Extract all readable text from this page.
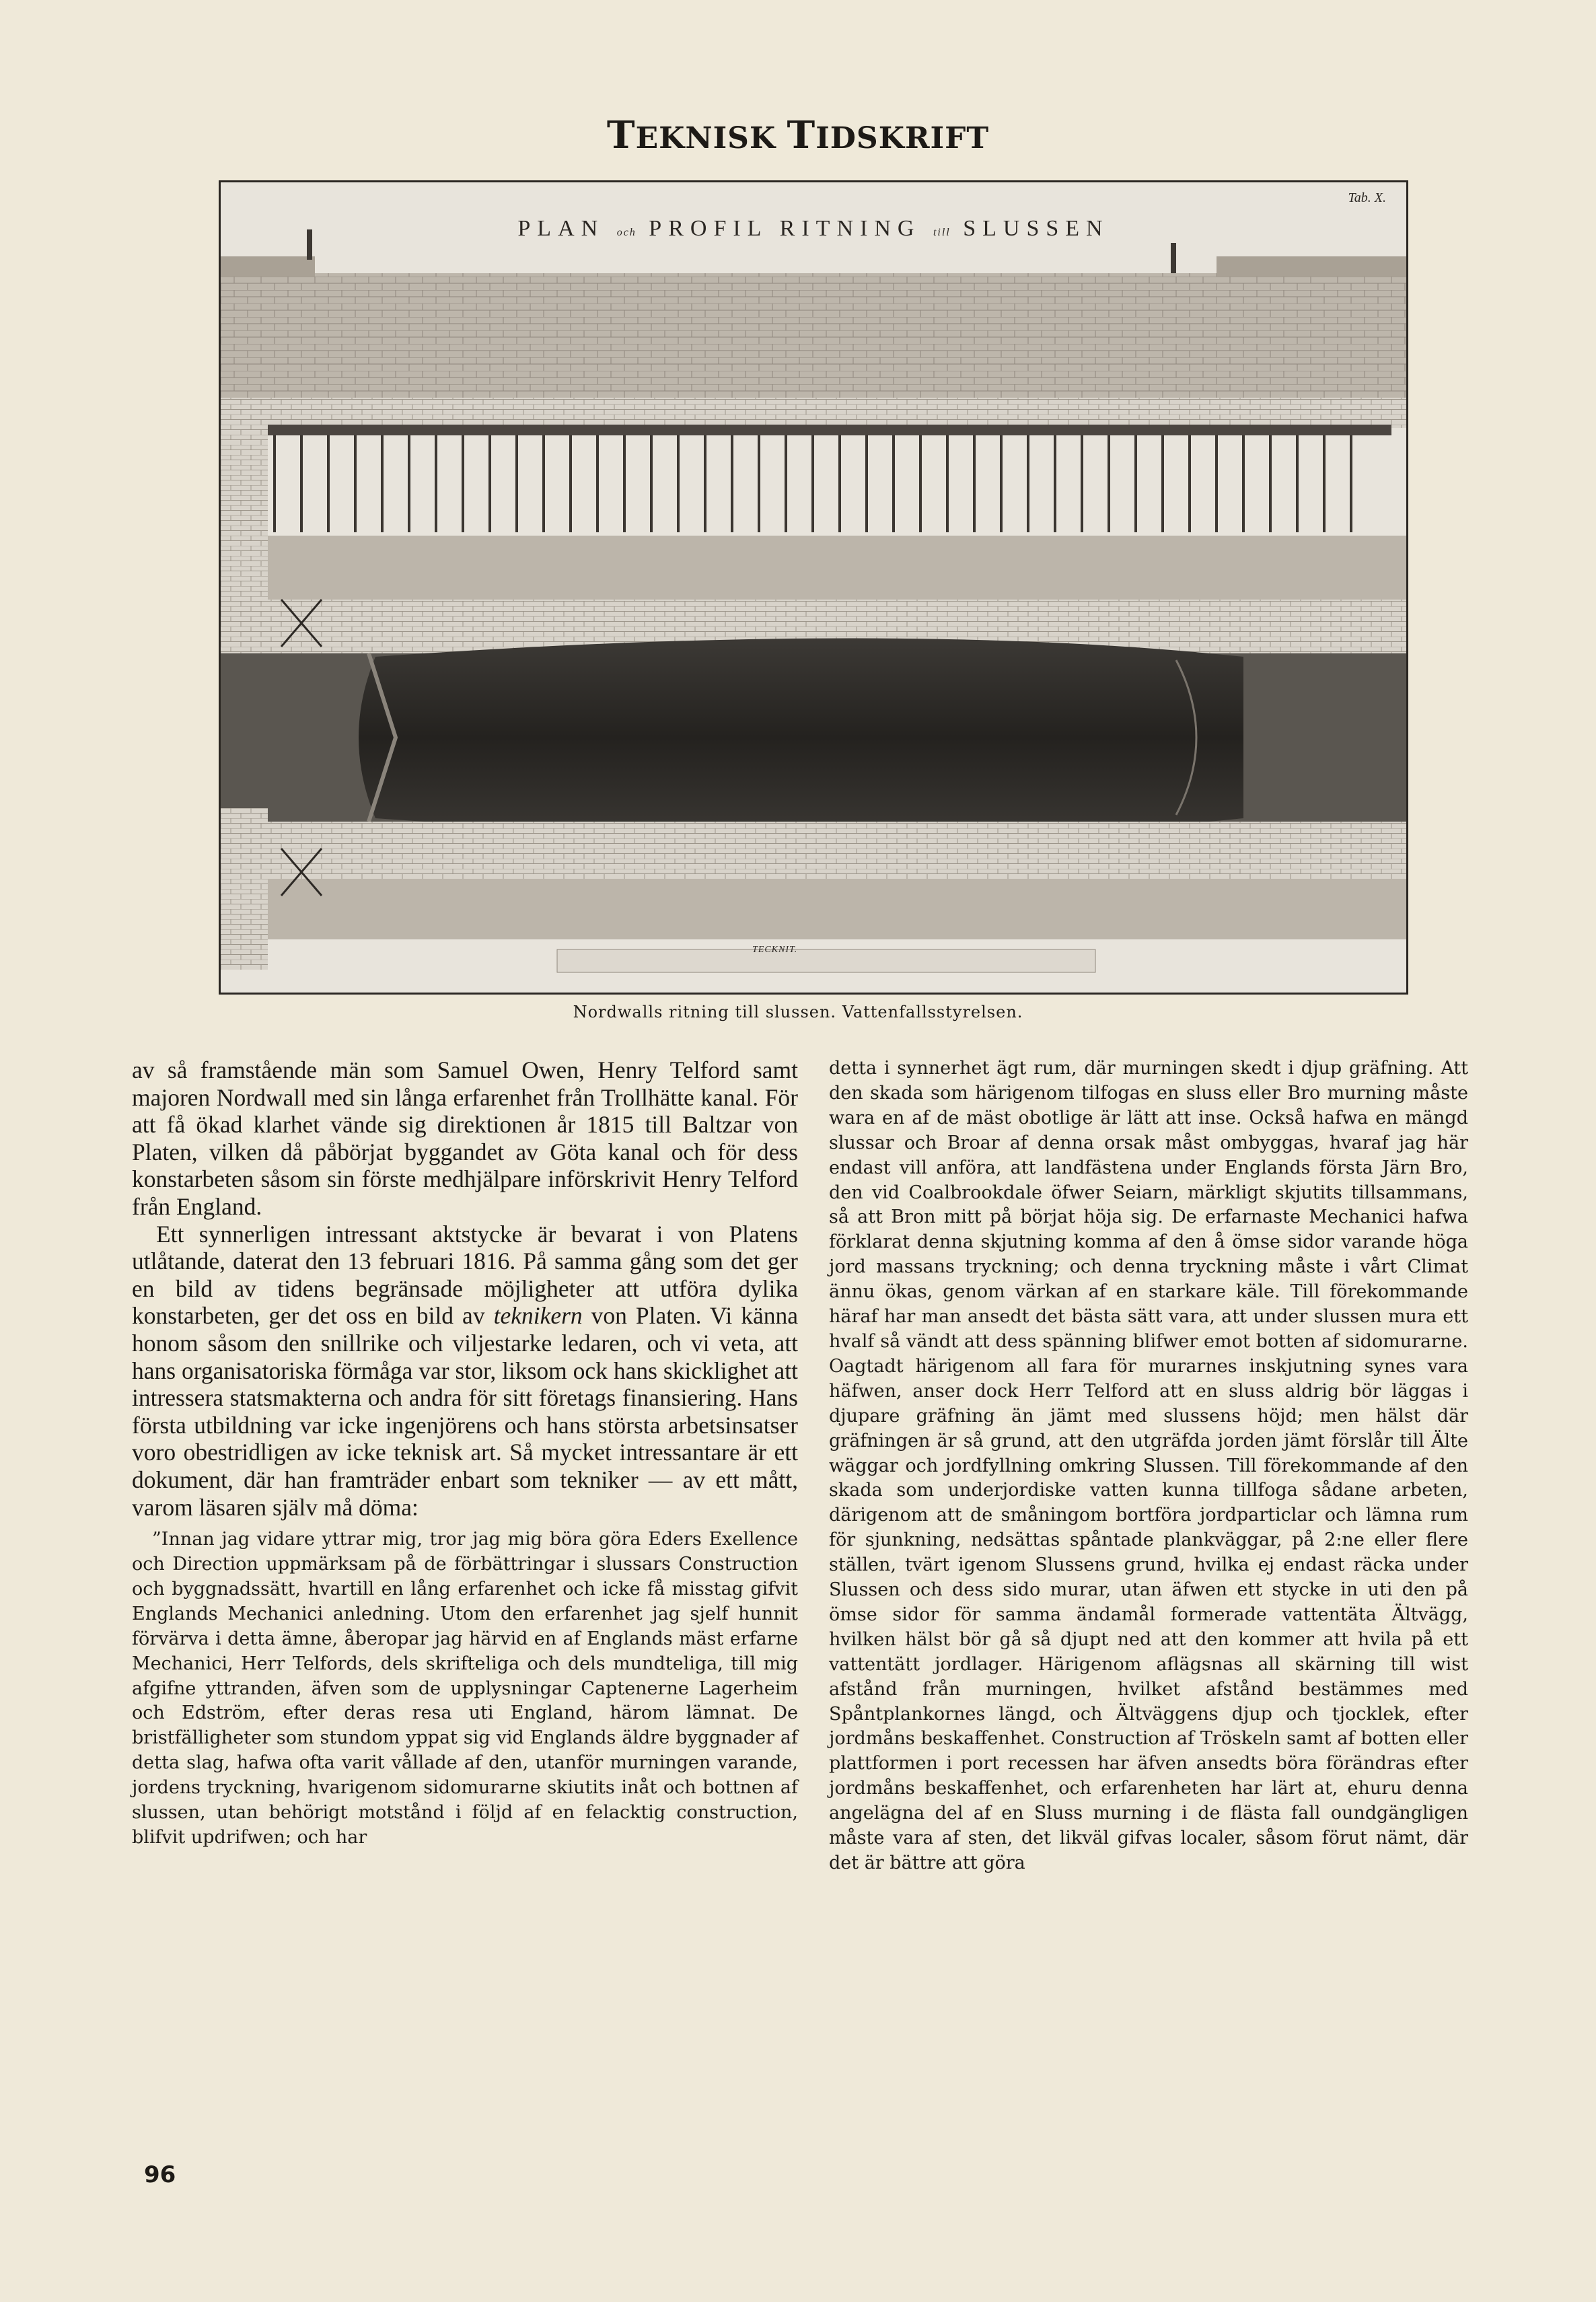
TEKNISK TIDSKRIFT
Tab. X.
PLAN och PROFIL RITNING till SLUSSEN
TECKNIT.
Nordwalls ritning till slussen. Vattenfallsstyrelsen.

av så framstående män som Samuel Owen, Henry Telford samt majoren Nordwall med sin långa erfarenhet från Trollhätte kanal. För att få ökad klarhet vände sig direktionen år 1815 till Baltzar von Platen, vilken då påbörjat byggandet av Göta kanal och för dess konstarbeten såsom sin förste medhjälpare införskrivit Henry Telford från England.

Ett synnerligen intressant aktstycke är bevarat i von Platens utlåtande, daterat den 13 februari 1816. På samma gång som det ger en bild av tidens begränsade möjligheter att utföra dylika konstarbeten, ger det oss en bild av teknikern von Platen. Vi känna honom såsom den snillrike och viljestarke ledaren, och vi veta, att hans organisatoriska förmåga var stor, liksom ock hans skicklighet att intressera statsmakterna och andra för sitt företags finansiering. Hans första utbildning var icke ingenjörens och hans största arbetsinsatser voro obestridligen av icke teknisk art. Så mycket intressantare är ett dokument, där han framträder enbart som tekniker — av ett mått, varom läsaren själv må döma:

”Innan jag vidare yttrar mig, tror jag mig böra göra Eders Exellence och Direction uppmärksam på de förbättringar i slussars Construction och byggnadssätt, hvartill en lång erfarenhet och icke få misstag gifvit Englands Mechanici anledning. Utom den erfarenhet jag sjelf hunnit förvärva i detta ämne, åberopar jag härvid en af Englands mäst erfarne Mechanici, Herr Telfords, dels skrifteliga och dels mundteliga, till mig afgifne yttranden, äfven som de upplysningar Captenerne Lagerheim och Edström, efter deras resa uti England, härom lämnat. De bristfälligheter som stundom yppat sig vid Englands äldre byggnader af detta slag, hafwa ofta varit vållade af den, utanför murningen varande, jordens tryckning, hvarigenom sidomurarne skiutits inåt och bottnen af slussen, utan behörigt motstånd i följd af en felacktig construction, blifvit updrifwen; och har

detta i synnerhet ägt rum, där murningen skedt i djup gräfning. Att den skada som härigenom tilfogas en sluss eller Bro murning måste wara en af de mäst obotlige är lätt att inse. Också hafwa en mängd slussar och Broar af denna orsak måst ombyggas, hvaraf jag här endast vill anföra, att landfästena under Englands första Järn Bro, den vid Coalbrookdale öfwer Seiarn, märkligt skjutits tillsammans, så att Bron mitt på börjat höja sig. De erfarnaste Mechanici hafwa förklarat denna skjutning komma af den å ömse sidor varande höga jord massans tryckning; och denna tryckning måste i vårt Climat ännu ökas, genom värkan af en starkare käle. Till förekommande häraf har man ansedt det bästa sätt vara, att under slussen mura ett hvalf så vändt att dess spänning blifwer emot botten af sidomurarne. Oagtadt härigenom all fara för murarnes inskjutning synes vara häfwen, anser dock Herr Telford att en sluss aldrig bör läggas i djupare gräfning än jämt med slussens höjd; men hälst där gräfningen är så grund, att den utgräfda jorden jämt förslår till Älte wäggar och jordfyllning omkring Slussen. Till förekommande af den skada som underjordiske vatten kunna tillfoga sådane arbeten, därigenom att de småningom bortföra jordparticlar och lämna rum för sjunkning, nedsättas spåntade plankväggar, på 2:ne eller flere ställen, tvärt igenom Slussens grund, hvilka ej endast räcka under Slussen och dess sido murar, utan äfwen ett stycke in uti den på ömse sidor för samma ändamål formerade vattentäta Ältvägg, hvilken hälst bör gå så djupt ned att den kommer att hvila på ett vattentätt jordlager. Härigenom aflägsnas all skärning till wist afstånd från murningen, hvilket afstånd bestämmes med Spåntplankornes längd, och Ältväggens djup och tjocklek, efter jordmåns beskaffenhet. Construction af Tröskeln samt af botten eller plattformen i port recessen har äfven ansedts böra förändras efter jordmåns beskaffenhet, och erfarenheten har lärt at, ehuru denna angelägna del af en Sluss murning i de flästa fall oundgängligen måste vara af sten, det likväl gifvas localer, såsom förut nämt, där det är bättre att göra

96
